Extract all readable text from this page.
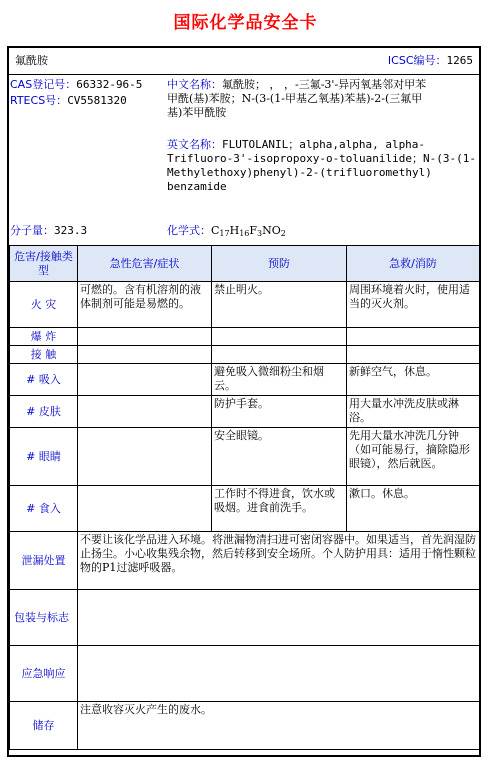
国际化学品安全卡
氟酰胺	ICSC编号：1265
CAS登记号：66332-96-5
RTECS号：CV5581320
中文名称：氟酰胺； ， ，-三氟-3'-异丙氧基邻对甲苯
甲酰(基)苯胺；N-(3-(1-甲基乙氧基)苯基)-2-(三氟甲
基)苯甲酰胺
英文名称：FLUTOLANIL；alpha,alpha, alpha-
Trifluoro-3'-isopropoxy-o-toluanilide；N-(3-(1-
Methylethoxy)phenyl)-2-(trifluoromethyl)
benzamide
分子量：323.3	化学式：$C_{17}H_{16}F_3NO_2$
危害/接触类型	急性危害/症状	预防	急救/消防
火 灾	可燃的。含有机溶剂的液体制剂可能是易燃的。	禁止明火。	周围环境着火时，使用适当的灭火剂。
爆 炸			
接 触			
# 吸入		避免吸入微细粉尘和烟云。	新鲜空气，休息。
# 皮肤		防护手套。	用大量水冲洗皮肤或淋浴。
# 眼睛		安全眼镜。	先用大量水冲洗几分钟（如可能易行，摘除隐形眼镜），然后就医。
# 食入		工作时不得进食，饮水或吸烟。进食前洗手。	漱口。休息。
泄漏处置	不要让该化学品进入环境。将泄漏物清扫进可密闭容器中。如果适当，首先润湿防止扬尘。小心收集残余物，然后转移到安全场所。个人防护用具：适用于惰性颗粒物的P1过滤呼吸器。		
包装与标志			
应急响应			
储存	注意收容灭火产生的废水。		
